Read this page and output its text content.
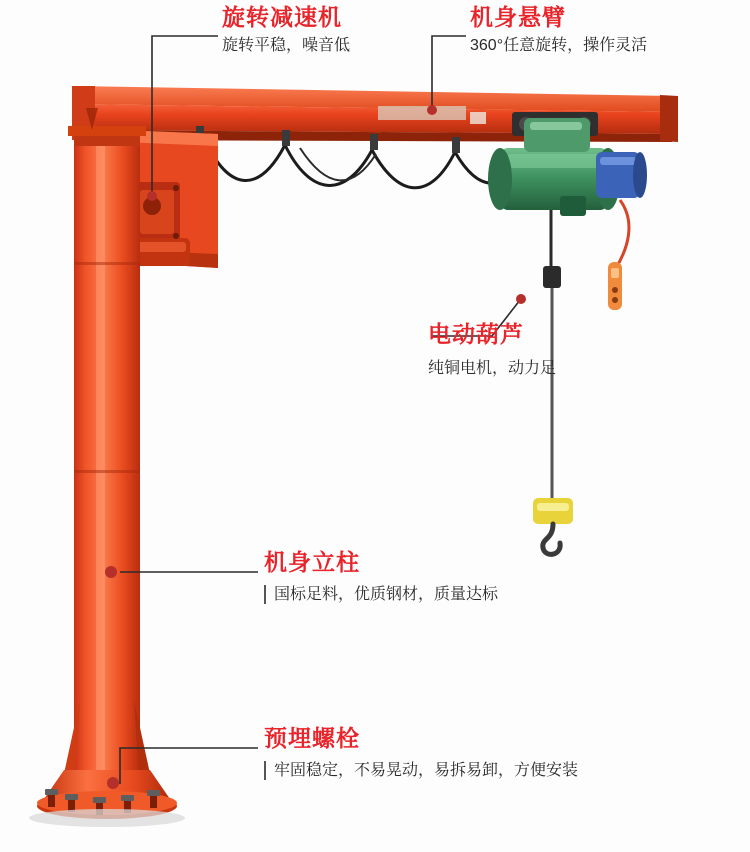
旋转减速机
旋转平稳，噪音低
机身悬臂
360°任意旋转，操作灵活
电动葫芦
纯铜电机，动力足
机身立柱
国标足料，优质钢材，质量达标
预埋螺栓
牢固稳定，不易晃动，易拆易卸，方便安装
